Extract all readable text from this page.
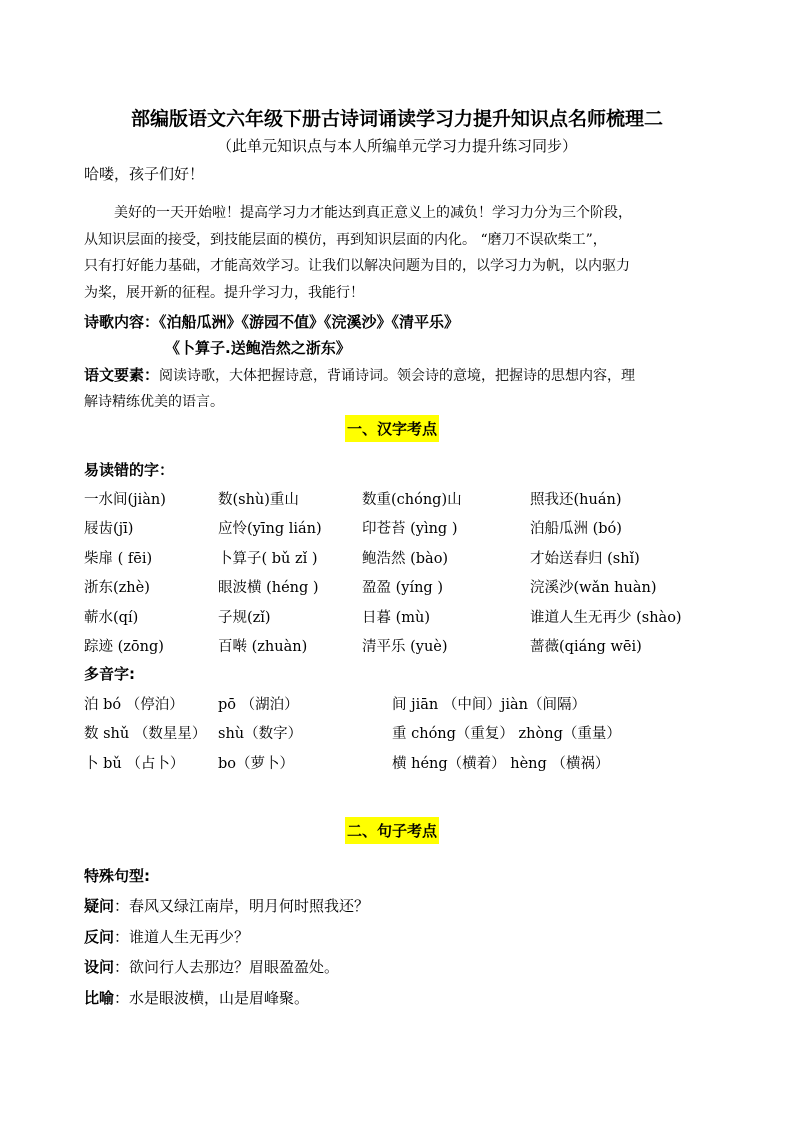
部编版语文六年级下册古诗词诵读学习力提升知识点名师梳理二
（此单元知识点与本人所编单元学习力提升练习同步）
哈喽，孩子们好！

美好的一天开始啦！提高学习力才能达到真正意义上的减负！学习力分为三个阶段，

从知识层面的接受，到技能层面的模仿，再到知识层面的内化。 “磨刀不误砍柴工”，

只有打好能力基础，才能高效学习。让我们以解决问题为目的，以学习力为帆，以内驱力

为桨，展开新的征程。提升学习力，我能行！

诗歌内容：《泊船瓜洲》《游园不值》《浣溪沙》《清平乐》
《卜算子.送鲍浩然之浙东》
语文要素：阅读诗歌，大体把握诗意，背诵诗词。领会诗的意境，把握诗的思想内容，理
解诗精练优美的语言。
一、汉字考点
易读错的字：
一水间(jiàn)	数(shù)重山	数重(chóng)山	照我还(huán)
屐齿(jī)	应怜(yīng lián)	印苍苔 (yìng )	泊船瓜洲 (bó)
柴扉 ( fēi)	卜算子( bǔ zǐ )	鲍浩然 (bào)	才始送春归 (shǐ)
浙东(zhè)	眼波横 (héng )	盈盈 (yíng )	浣溪沙(wǎn huàn)
蕲水(qí)	子规(zǐ)	日暮 (mù)	谁道人生无再少 (shào)
踪迹 (zōng)	百啭 (zhuàn)	清平乐 (yuè)	蔷薇(qiáng wēi)
多音字:
泊 bó （停泊） pō （湖泊）	间 jiān （中间）jiàn（间隔）
数 shǔ （数星星） shù（数字）	重 chóng（重复） zhòng（重量）
卜 bǔ （占卜） bo（萝卜）	横 héng（横着） hèng （横祸）
二、句子考点
特殊句型:
疑问：春风又绿江南岸，明月何时照我还？
反问：谁道人生无再少？
设问：欲问行人去那边？眉眼盈盈处。
比喻：水是眼波横，山是眉峰聚。
